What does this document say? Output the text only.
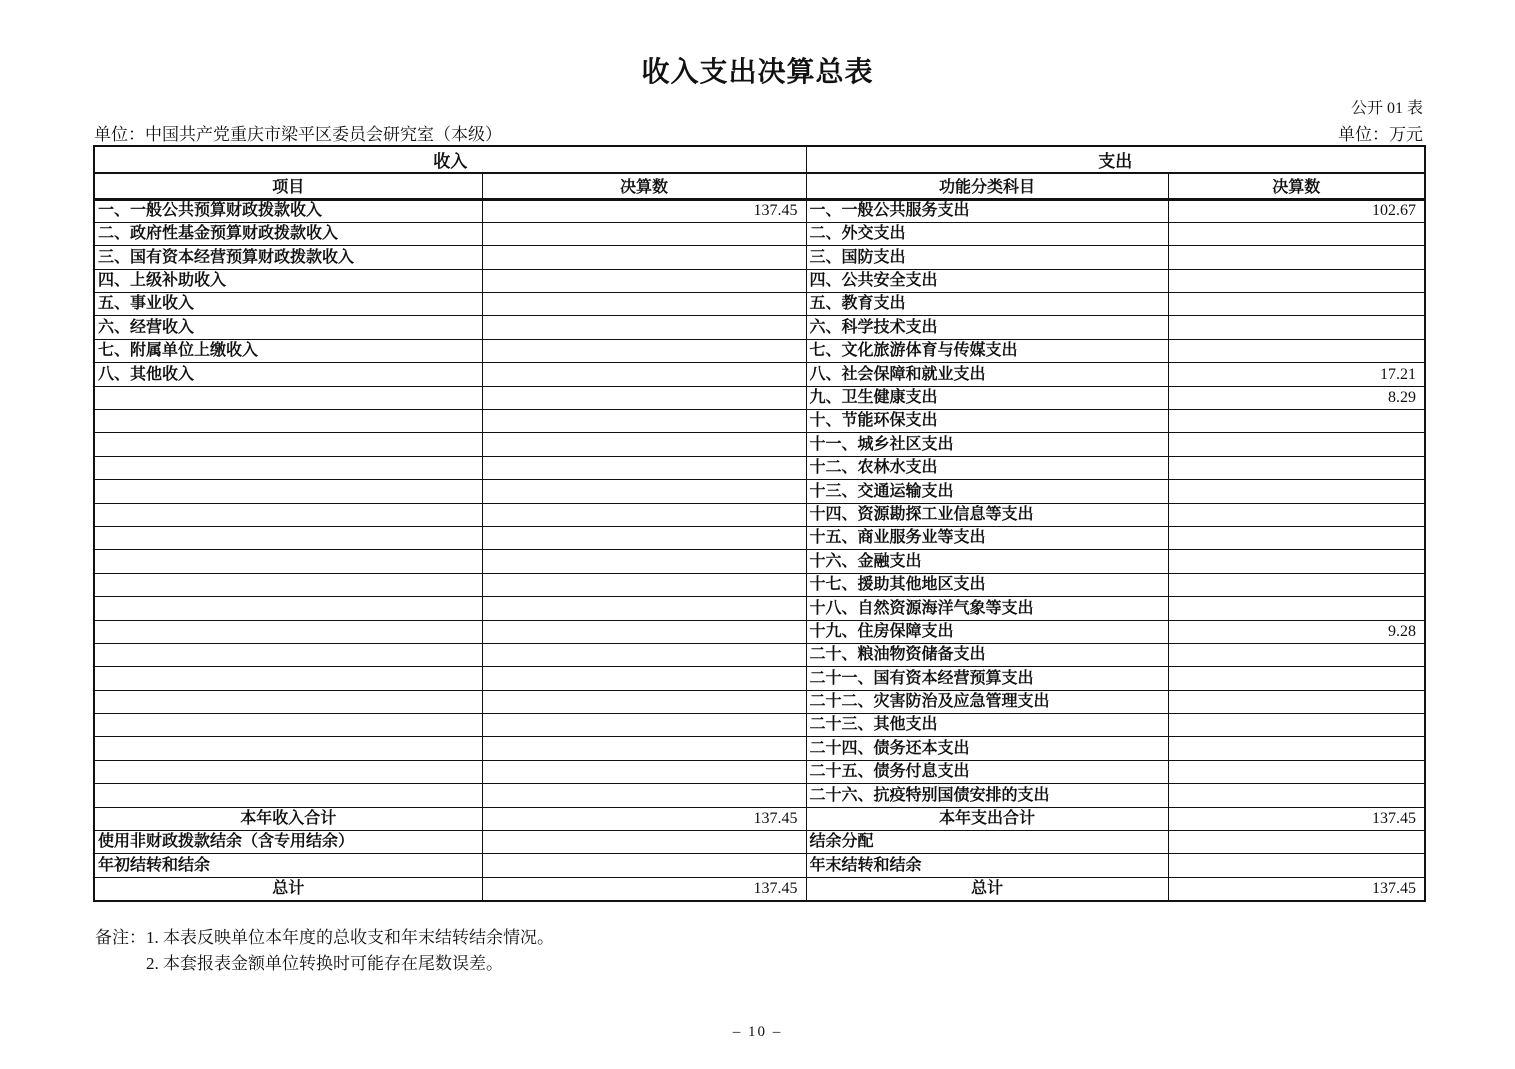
收入支出决算总表
公开 01 表
单位：中国共产党重庆市梁平区委员会研究室（本级）	单位：万元
收入		支出	
项目	决算数	功能分类科目	决算数
一、一般公共预算财政拨款收入	137.45	一、一般公共服务支出	102.67
二、政府性基金预算财政拨款收入		二、外交支出	
三、国有资本经营预算财政拨款收入		三、国防支出	
四、上级补助收入		四、公共安全支出	
五、事业收入		五、教育支出	
六、经营收入		六、科学技术支出	
七、附属单位上缴收入		七、文化旅游体育与传媒支出	
八、其他收入		八、社会保障和就业支出	17.21
		九、卫生健康支出	8.29
		十、节能环保支出	
		十一、城乡社区支出	
		十二、农林水支出	
		十三、交通运输支出	
		十四、资源勘探工业信息等支出	
		十五、商业服务业等支出	
		十六、金融支出	
		十七、援助其他地区支出	
		十八、自然资源海洋气象等支出	
		十九、住房保障支出	9.28
		二十、粮油物资储备支出	
		二十一、国有资本经营预算支出	
		二十二、灾害防治及应急管理支出	
		二十三、其他支出	
		二十四、债务还本支出	
		二十五、债务付息支出	
		二十六、抗疫特别国债安排的支出	
本年收入合计	137.45	本年支出合计	137.45
使用非财政拨款结余（含专用结余）		结余分配	
年初结转和结余		年末结转和结余	
总计	137.45	总计	137.45
备注： 1. 本表反映单位本年度的总收支和年末结转结余情况。
2. 本套报表金额单位转换时可能存在尾数误差。
– 10 –
